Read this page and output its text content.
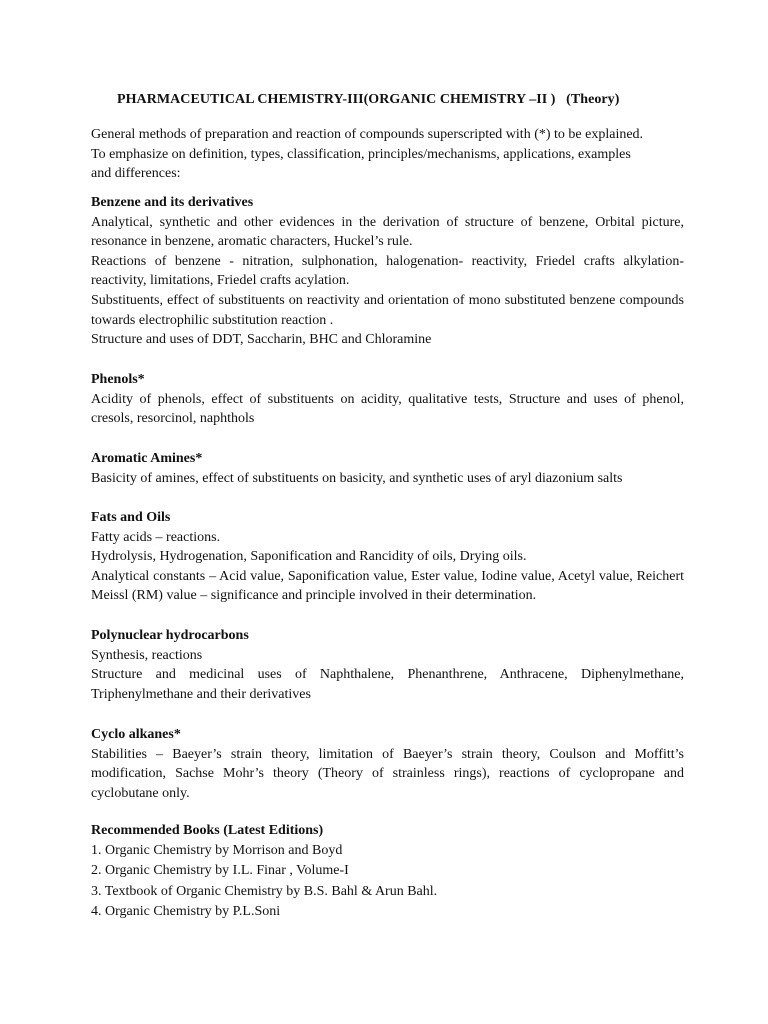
PHARMACEUTICAL CHEMISTRY-III(ORGANIC CHEMISTRY –II )   (Theory)
General methods of preparation and reaction of compounds superscripted with (*) to be explained.
To emphasize on definition, types, classification, principles/mechanisms, applications, examples
and differences:

Benzene and its derivatives

Analytical, synthetic and other evidences in the derivation of structure of benzene, Orbital picture, resonance in benzene, aromatic characters, Huckel’s rule.

Reactions of benzene - nitration, sulphonation, halogenation- reactivity, Friedel crafts alkylation- reactivity, limitations, Friedel crafts acylation.

Substituents, effect of substituents on reactivity and orientation of mono substituted benzene compounds towards electrophilic substitution reaction .

Structure and uses of DDT, Saccharin, BHC and Chloramine

Phenols*

Acidity of phenols, effect of substituents on acidity, qualitative tests, Structure and uses of phenol, cresols, resorcinol, naphthols

Aromatic Amines*

Basicity of amines, effect of substituents on basicity, and synthetic uses of aryl diazonium salts

Fats and Oils

Fatty acids – reactions.

Hydrolysis, Hydrogenation, Saponification and Rancidity of oils, Drying oils.

Analytical constants – Acid value, Saponification value, Ester value, Iodine value, Acetyl value, Reichert Meissl (RM) value – significance and principle involved in their determination.

Polynuclear hydrocarbons

Synthesis, reactions

Structure and medicinal uses of Naphthalene, Phenanthrene, Anthracene, Diphenylmethane, Triphenylmethane and their derivatives

Cyclo alkanes*

Stabilities – Baeyer’s strain theory, limitation of Baeyer’s strain theory, Coulson and Moffitt’s modification, Sachse Mohr’s theory (Theory of strainless rings), reactions of cyclopropane and cyclobutane only.

Recommended Books (Latest Editions)

1. Organic Chemistry by Morrison and Boyd
2. Organic Chemistry by I.L. Finar , Volume-I
3. Textbook of Organic Chemistry by B.S. Bahl & Arun Bahl.
4. Organic Chemistry by P.L.Soni
